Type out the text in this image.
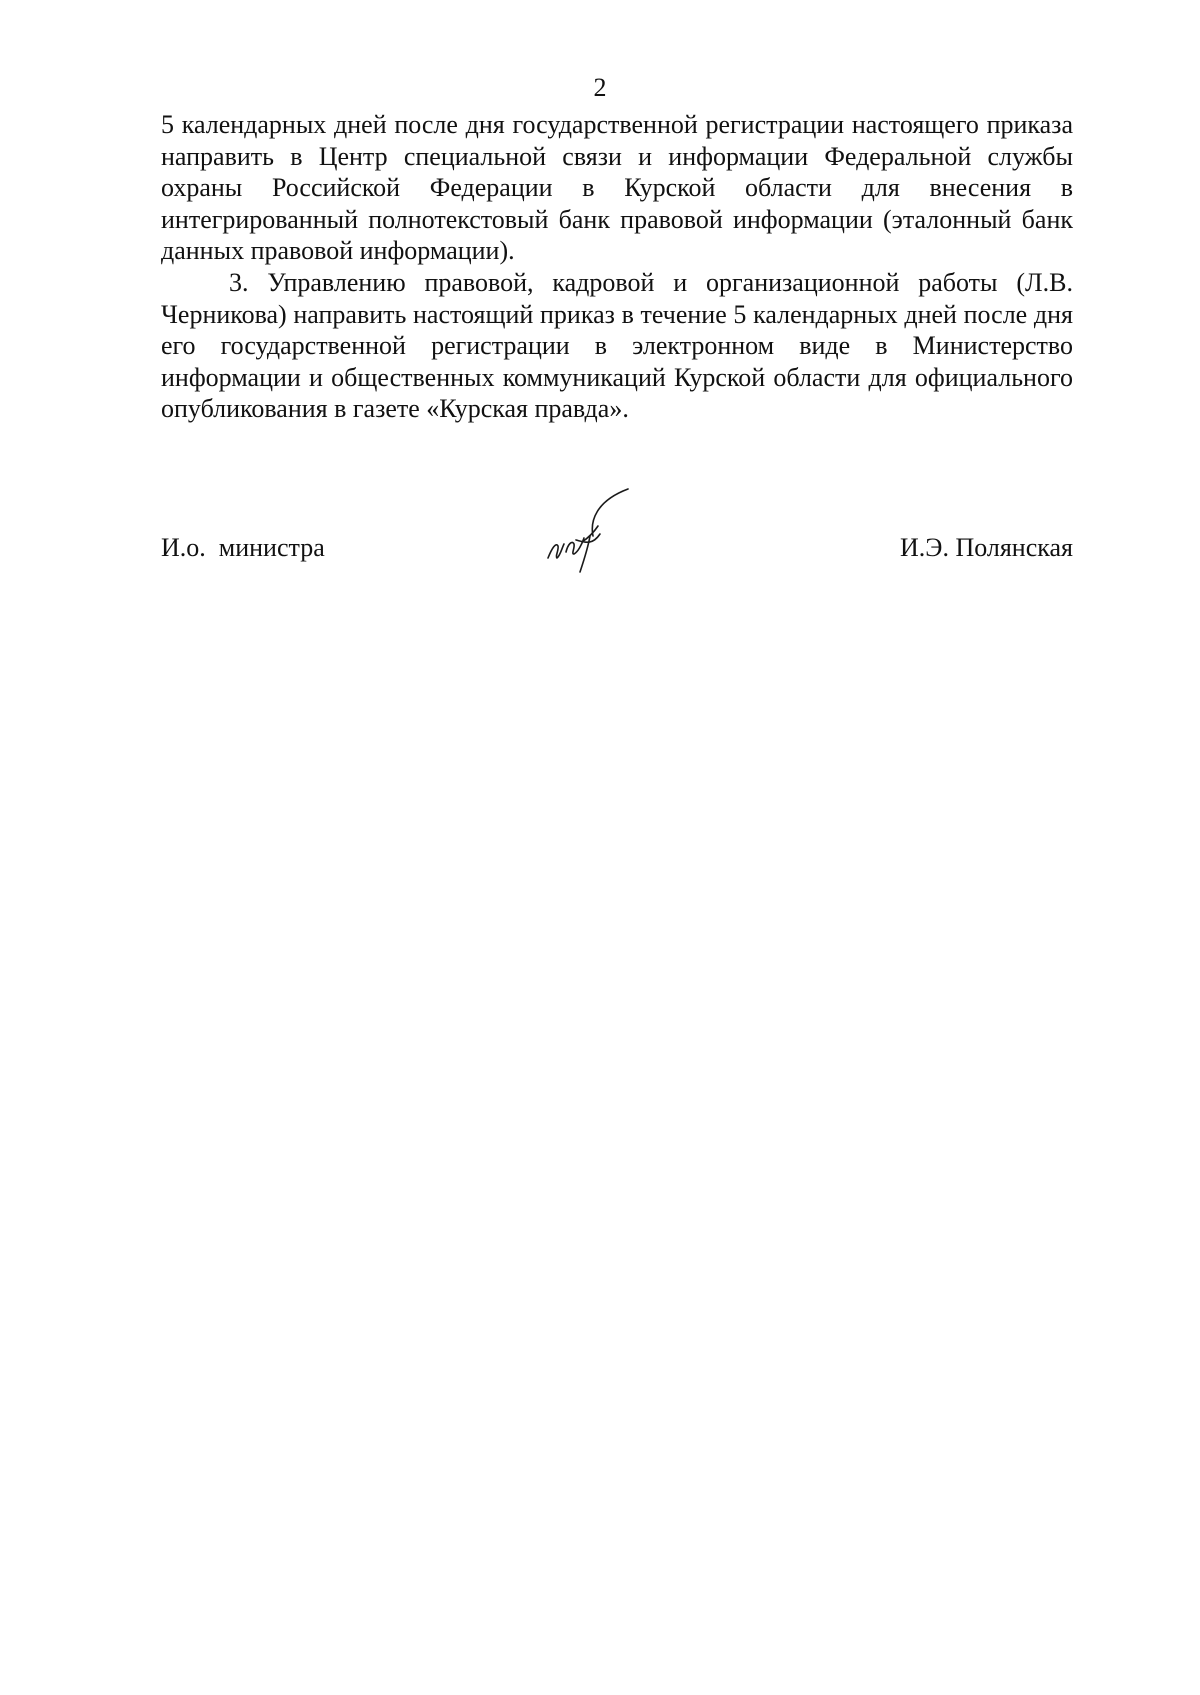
2

5 календарных дней после дня государственной регистрации настоящего приказа направить в Центр специальной связи и информации Федеральной службы охраны Российской Федерации в Курской области для внесения в интегрированный полнотекстовый банк правовой информации (эталонный банк данных правовой информации).

3. Управлению правовой, кадровой и организационной работы (Л.В. Черникова) направить настоящий приказ в течение 5 календарных дней после дня его государственной регистрации в электронном виде в Министерство информации и общественных коммуникаций Курской области для официального опубликования в газете «Курская правда».

И.о.  министра	И.Э. Полянская
